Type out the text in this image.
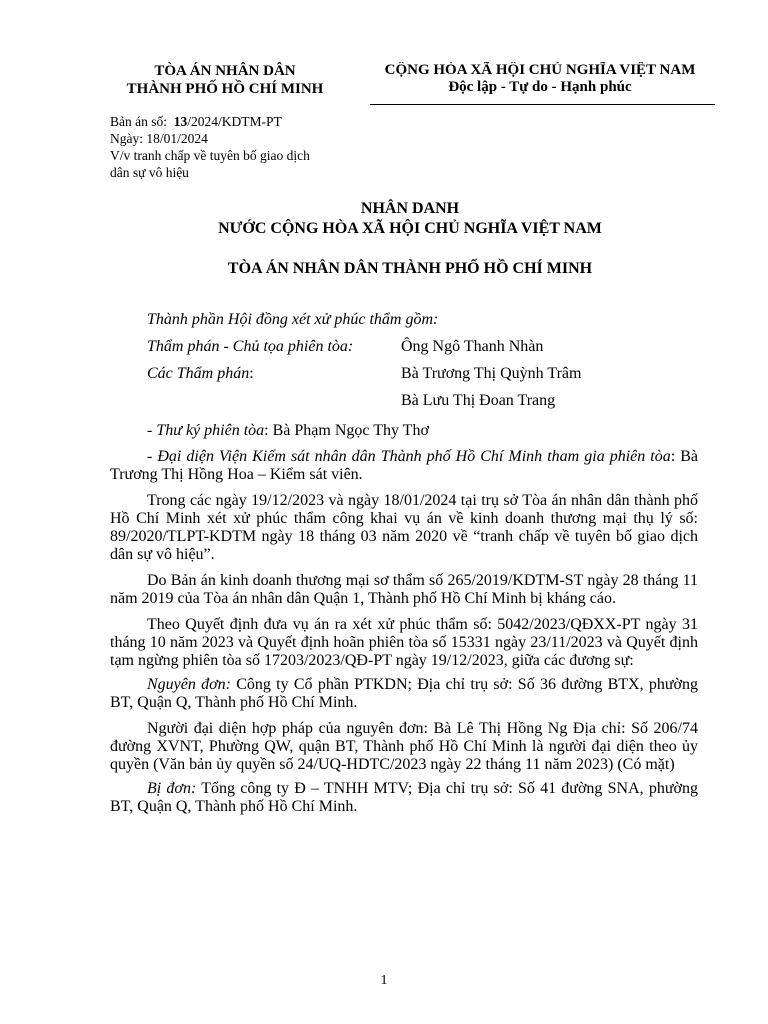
TÒA ÁN NHÂN DÂN
THÀNH PHỐ HỒ CHÍ MINH
CỘNG HÒA XÃ HỘI CHỦ NGHĨA VIỆT NAM
Độc lập - Tự do - Hạnh phúc
Bản án số: 13/2024/KDTM-PT
Ngày: 18/01/2024
V/v tranh chấp về tuyên bố giao dịch
dân sự vô hiệu
NHÂN DANH
NƯỚC CỘNG HÒA XÃ HỘI CHỦ NGHĨA VIỆT NAM
TÒA ÁN NHÂN DÂN THÀNH PHỐ HỒ CHÍ MINH
Thành phần Hội đồng xét xử phúc thẩm gồm:
Thẩm phán - Chủ tọa phiên tòa:	Ông Ngô Thanh Nhàn
Các Thẩm phán:	Bà Trương Thị Quỳnh Trâm
Bà Lưu Thị Đoan Trang

- Thư ký phiên tòa: Bà Phạm Ngọc Thy Thơ

- Đại diện Viện Kiểm sát nhân dân Thành phố Hồ Chí Minh tham gia phiên tòa: Bà Trương Thị Hồng Hoa – Kiểm sát viên.

Trong các ngày 19/12/2023 và ngày 18/01/2024 tại trụ sở Tòa án nhân dân thành phố Hồ Chí Minh xét xử phúc thẩm công khai vụ án về kinh doanh thương mại thụ lý số: 89/2020/TLPT-KDTM ngày 18 tháng 03 năm 2020 về “tranh chấp về tuyên bố giao dịch dân sự vô hiệu”.

Do Bản án kinh doanh thương mại sơ thẩm số 265/2019/KDTM-ST ngày 28 tháng 11 năm 2019 của Tòa án nhân dân Quận 1, Thành phố Hồ Chí Minh bị kháng cáo.

Theo Quyết định đưa vụ án ra xét xử phúc thẩm số: 5042/2023/QĐXX-PT ngày 31 tháng 10 năm 2023 và Quyết định hoãn phiên tòa số 15331 ngày 23/11/2023 và Quyết định tạm ngừng phiên tòa số 17203/2023/QĐ-PT ngày 19/12/2023, giữa các đương sự:

Nguyên đơn: Công ty Cổ phần PTKDN; Địa chỉ trụ sở: Số 36 đường BTX, phường BT, Quận Q, Thành phố Hồ Chí Minh.

Người đại diện hợp pháp của nguyên đơn: Bà Lê Thị Hồng Ng Địa chỉ: Số 206/74 đường XVNT, Phường QW, quận BT, Thành phố Hồ Chí Minh là người đại diện theo ủy quyền (Văn bản ủy quyền số 24/UQ-HDTC/2023 ngày 22 tháng 11 năm 2023) (Có mặt)

Bị đơn: Tổng công ty Đ – TNHH MTV; Địa chỉ trụ sở: Số 41 đường SNA, phường BT, Quận Q, Thành phố Hồ Chí Minh.

1
